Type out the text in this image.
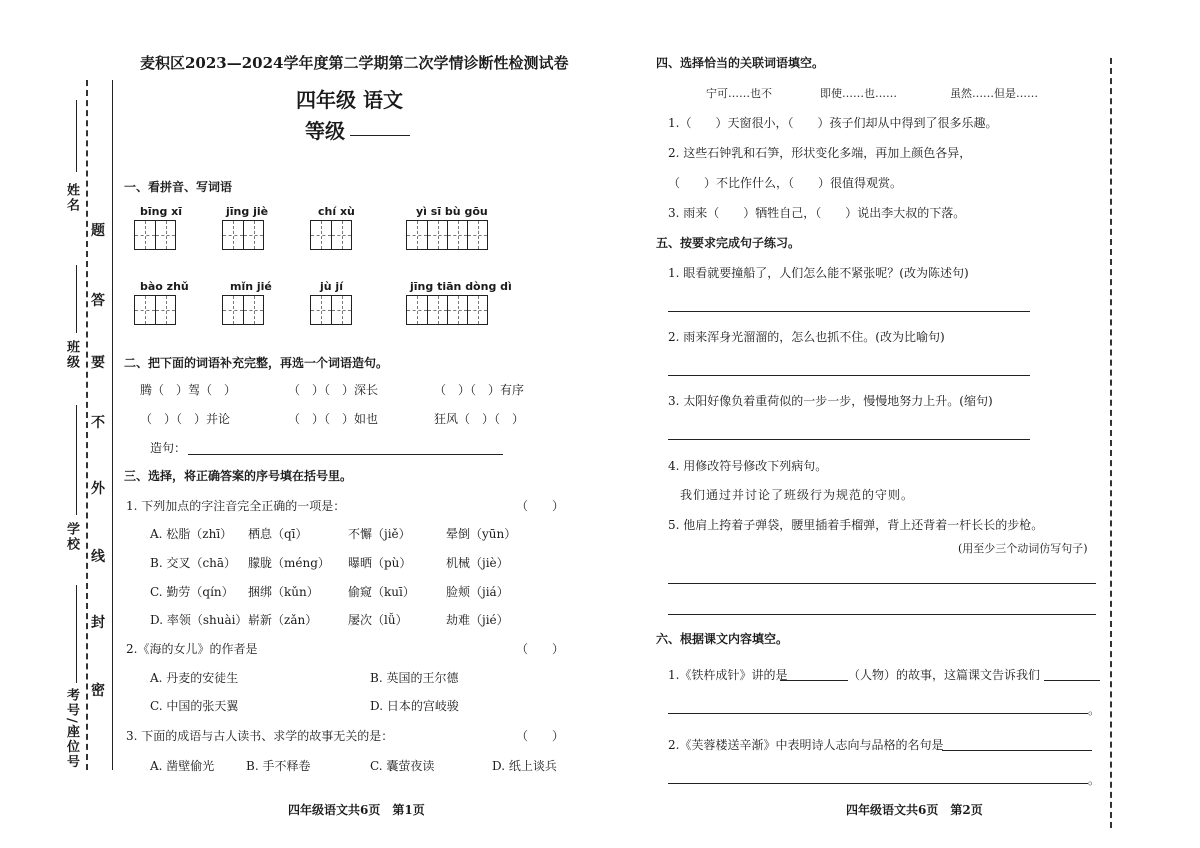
姓名
班级
学校
考号/座位号
题
答
要
不
外
线
封
密
麦积区2023—2024学年度第二学期第二次学情诊断性检测试卷
四年级 语文
等级
一、看拼音、写词语
bīng xī	jīng jiè	chí xù	yì sī bù gōu
bào zhǔ	mǐn jié	jù jí	jīng tiān dòng dì
二、把下面的词语补充完整，再选一个词语造句。
腾（　）驾（　）	（　）（　）深长	（　）（　）有序
（　）（　）并论	（　）（　）如也	狂风（　）（　）
造句：
三、选择，将正确答案的序号填在括号里。
1. 下列加点的字注音完全正确的一项是：	（　　）
A. 松脂（zhī） 栖息（qī）	不懈（jiě）	晕倒（yūn）
B. 交叉（chā） 朦胧（méng） 曝晒（pù）	机械（jiè）
C. 勤劳（qín） 捆绑（kǔn） 偷窥（kuī）	脸颊（jiá）
D. 率领（shuài） 崭新（zǎn）	屡次（lǚ）	劫难（jié）
2.《海的女儿》的作者是	（　　）
A. 丹麦的安徒生	B. 英国的王尔德
C. 中国的张天翼	D. 日本的宫岐骏
3. 下面的成语与古人读书、求学的故事无关的是：	（　　）
A. 凿壁偷光	B. 手不释卷	C. 囊萤夜读	D. 纸上谈兵
四年级语文共6页　第1页
四、选择恰当的关联词语填空。
宁可……也不	即使……也……	虽然……但是……
1.（　　）天窗很小，（　　）孩子们却从中得到了很多乐趣。
2. 这些石钟乳和石笋，形状变化多端，再加上颜色各异，
（　　）不比作什么，（　　）很值得观赏。
3. 雨来（　　）牺牲自己，（　　）说出李大叔的下落。
五、按要求完成句子练习。
1. 眼看就要撞船了，人们怎么能不紧张呢？(改为陈述句)
2. 雨来浑身光溜溜的，怎么也抓不住。(改为比喻句)
3. 太阳好像负着重荷似的一步一步，慢慢地努力上升。(缩句)
4. 用修改符号修改下列病句。
我们通过并讨论了班级行为规范的守则。
5. 他肩上挎着子弹袋，腰里插着手榴弹，背上还背着一杆长长的步枪。
(用至少三个动词仿写句子)
六、根据课文内容填空。
1.《铁杵成针》讲的是	（人物）的故事，这篇课文告诉我们
。
2.《芙蓉楼送辛渐》中表明诗人志向与品格的名句是
。
四年级语文共6页　第2页
